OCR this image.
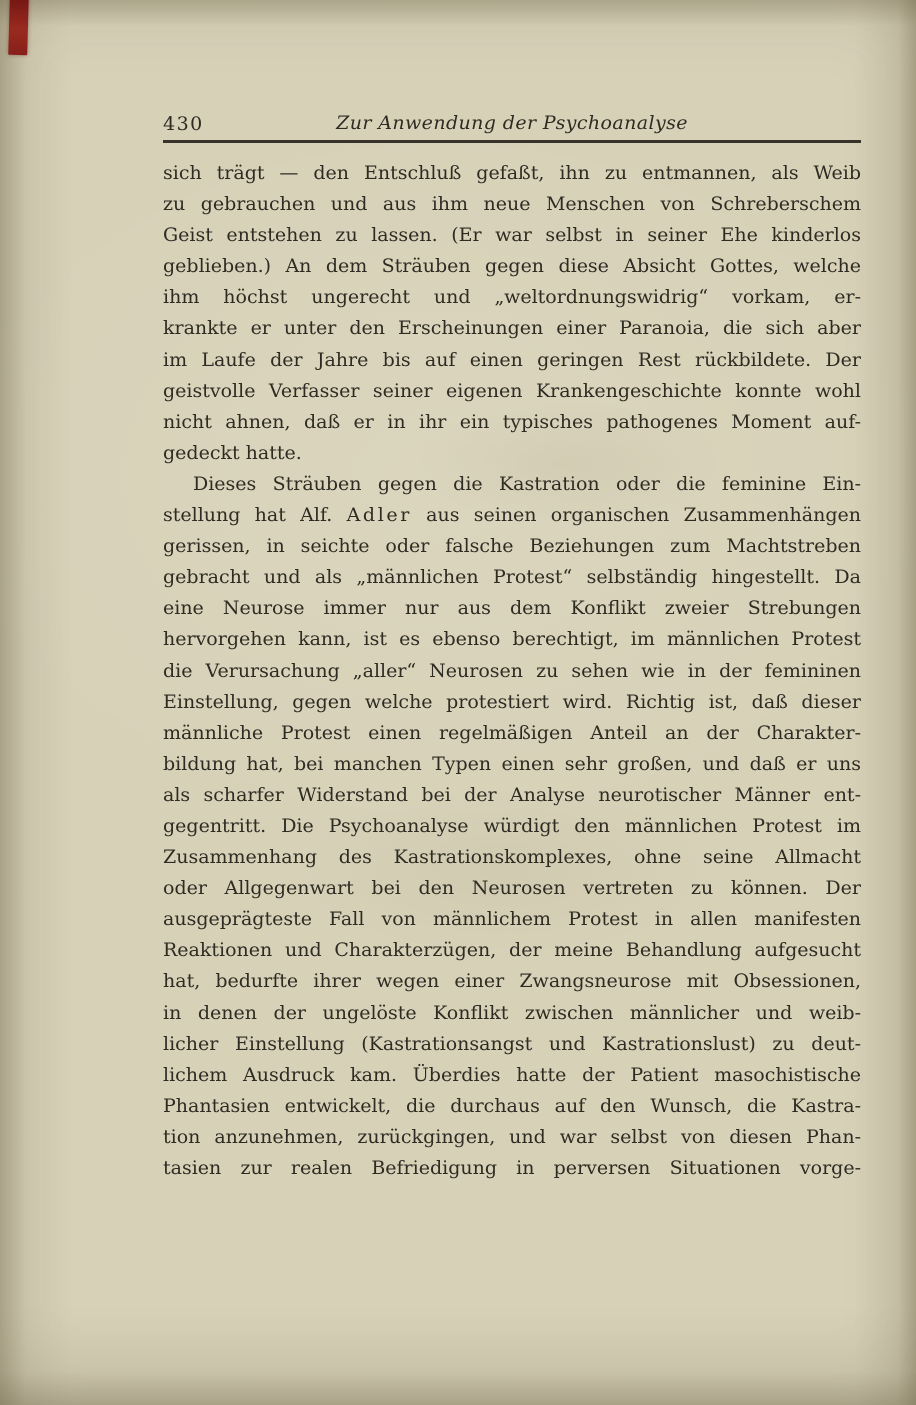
430	Zur Anwendung der Psychoanalyse
sich trägt — den Entschluß gefaßt, ihn zu entmannen, als Weib
zu gebrauchen und aus ihm neue Menschen von Schreberschem
Geist entstehen zu lassen. (Er war selbst in seiner Ehe kinderlos
geblieben.) An dem Sträuben gegen diese Absicht Gottes, welche
ihm höchst ungerecht und „weltordnungswidrig“ vorkam, er-
krankte er unter den Erscheinungen einer Paranoia, die sich aber
im Laufe der Jahre bis auf einen geringen Rest rückbildete. Der
geistvolle Verfasser seiner eigenen Krankengeschichte konnte wohl
nicht ahnen, daß er in ihr ein typisches pathogenes Moment auf-
gedeckt hatte.
Dieses Sträuben gegen die Kastration oder die feminine Ein-
stellung hat Alf. Adler aus seinen organischen Zusammenhängen
gerissen, in seichte oder falsche Beziehungen zum Machtstreben
gebracht und als „männlichen Protest“ selbständig hingestellt. Da
eine Neurose immer nur aus dem Konflikt zweier Strebungen
hervorgehen kann, ist es ebenso berechtigt, im männlichen Protest
die Verursachung „aller“ Neurosen zu sehen wie in der femininen
Einstellung, gegen welche protestiert wird. Richtig ist, daß dieser
männliche Protest einen regelmäßigen Anteil an der Charakter-
bildung hat, bei manchen Typen einen sehr großen, und daß er uns
als scharfer Widerstand bei der Analyse neurotischer Männer ent-
gegentritt. Die Psychoanalyse würdigt den männlichen Protest im
Zusammenhang des Kastrationskomplexes, ohne seine Allmacht
oder Allgegenwart bei den Neurosen vertreten zu können. Der
ausgeprägteste Fall von männlichem Protest in allen manifesten
Reaktionen und Charakterzügen, der meine Behandlung aufgesucht
hat, bedurfte ihrer wegen einer Zwangsneurose mit Obsessionen,
in denen der ungelöste Konflikt zwischen männlicher und weib-
licher Einstellung (Kastrationsangst und Kastrationslust) zu deut-
lichem Ausdruck kam. Überdies hatte der Patient masochistische
Phantasien entwickelt, die durchaus auf den Wunsch, die Kastra-
tion anzunehmen, zurückgingen, und war selbst von diesen Phan-
tasien zur realen Befriedigung in perversen Situationen vorge-
